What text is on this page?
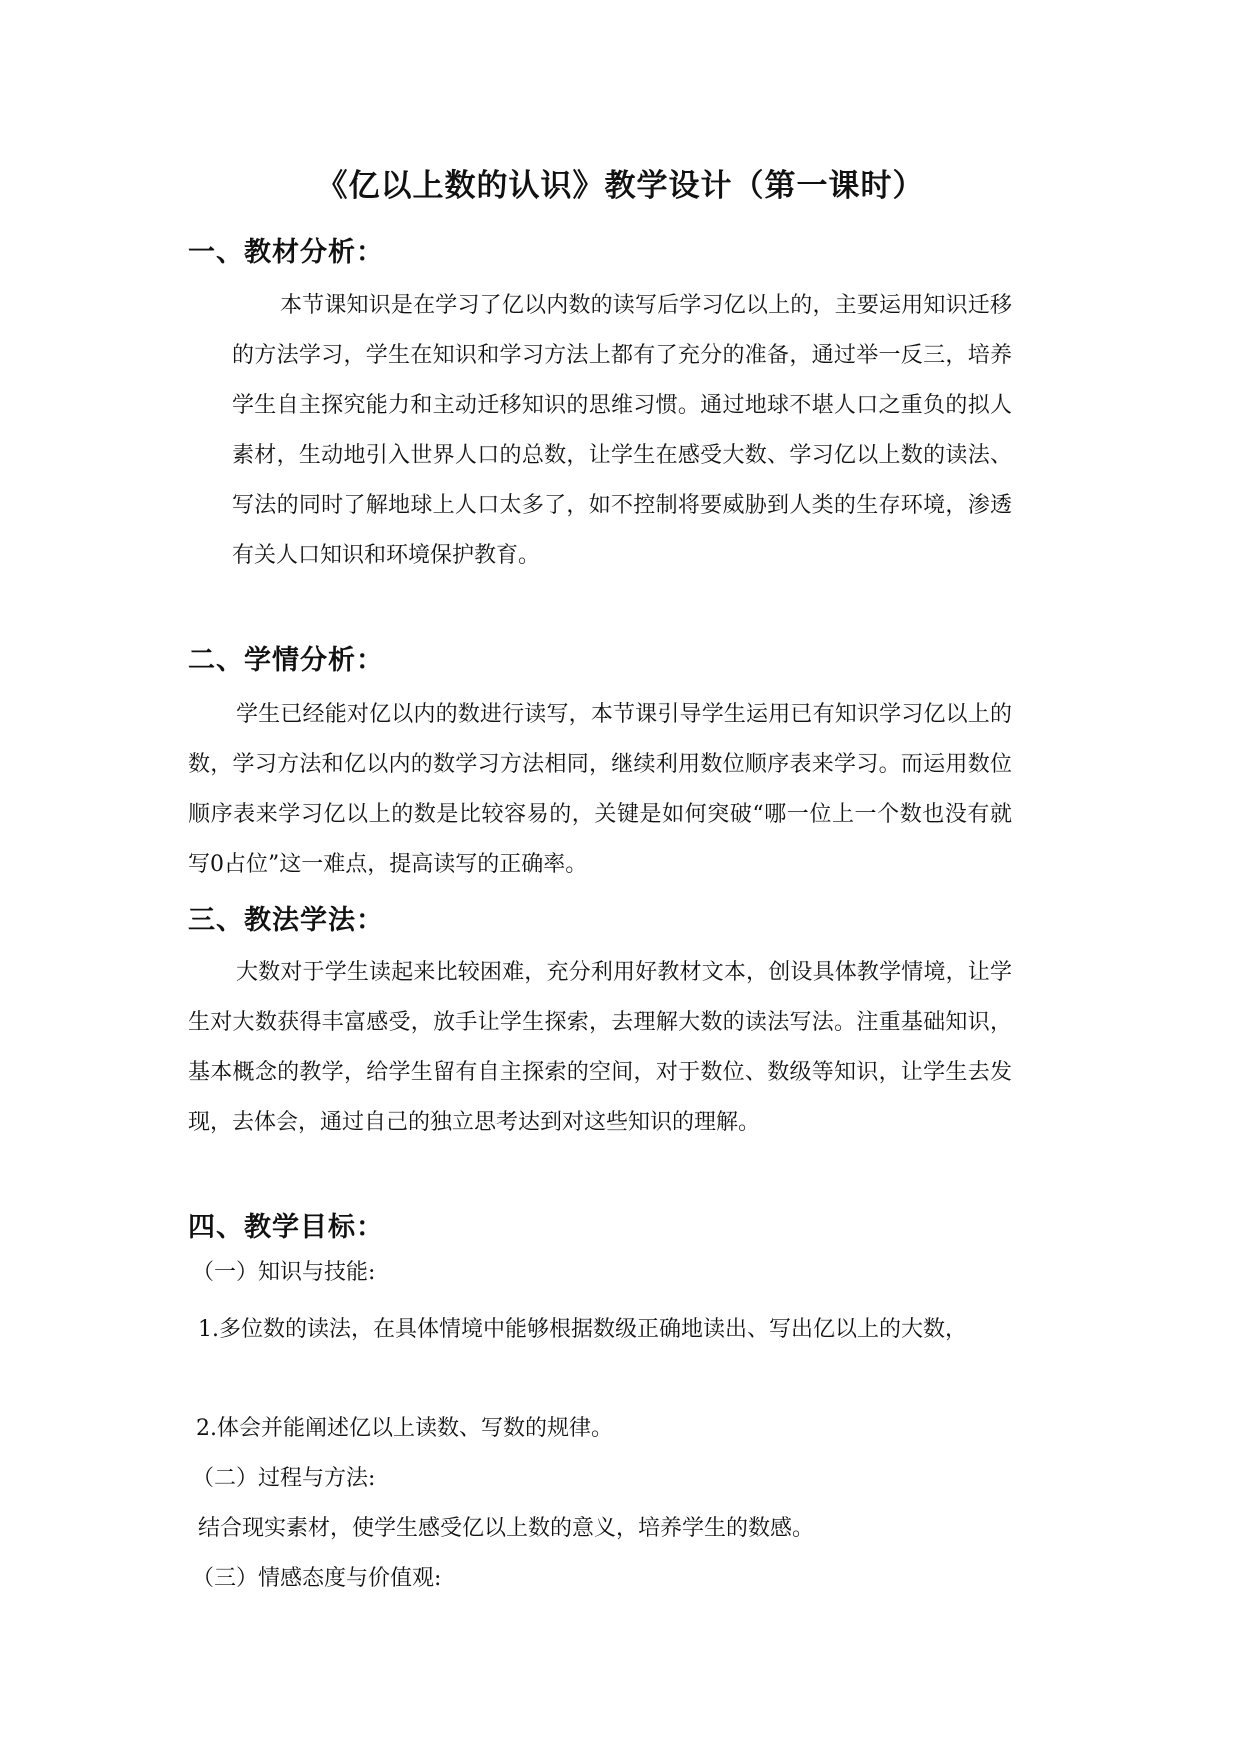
《亿以上数的认识》教学设计（第一课时）
一、教材分析：

本节课知识是在学习了亿以内数的读写后学习亿以上的，主要运用知识迁移的方法学习，学生在知识和学习方法上都有了充分的准备，通过举一反三，培养学生自主探究能力和主动迁移知识的思维习惯。通过地球不堪人口之重负的拟人素材，生动地引入世界人口的总数，让学生在感受大数、学习亿以上数的读法、写法的同时了解地球上人口太多了，如不控制将要威胁到人类的生存环境，渗透有关人口知识和环境保护教育。

二、学情分析：

学生已经能对亿以内的数进行读写，本节课引导学生运用已有知识学习亿以上的数，学习方法和亿以内的数学习方法相同，继续利用数位顺序表来学习。而运用数位顺序表来学习亿以上的数是比较容易的，关键是如何突破“哪一位上一个数也没有就写0占位”这一难点，提高读写的正确率。

三、教法学法：

大数对于学生读起来比较困难，充分利用好教材文本，创设具体教学情境，让学生对大数获得丰富感受，放手让学生探索，去理解大数的读法写法。注重基础知识，基本概念的教学，给学生留有自主探索的空间，对于数位、数级等知识，让学生去发现，去体会，通过自己的独立思考达到对这些知识的理解。

四、教学目标：

（一）知识与技能:

1.多位数的读法，在具体情境中能够根据数级正确地读出、写出亿以上的大数，

2.体会并能阐述亿以上读数、写数的规律。

（二）过程与方法:

结合现实素材，使学生感受亿以上数的意义，培养学生的数感。

（三）情感态度与价值观:
